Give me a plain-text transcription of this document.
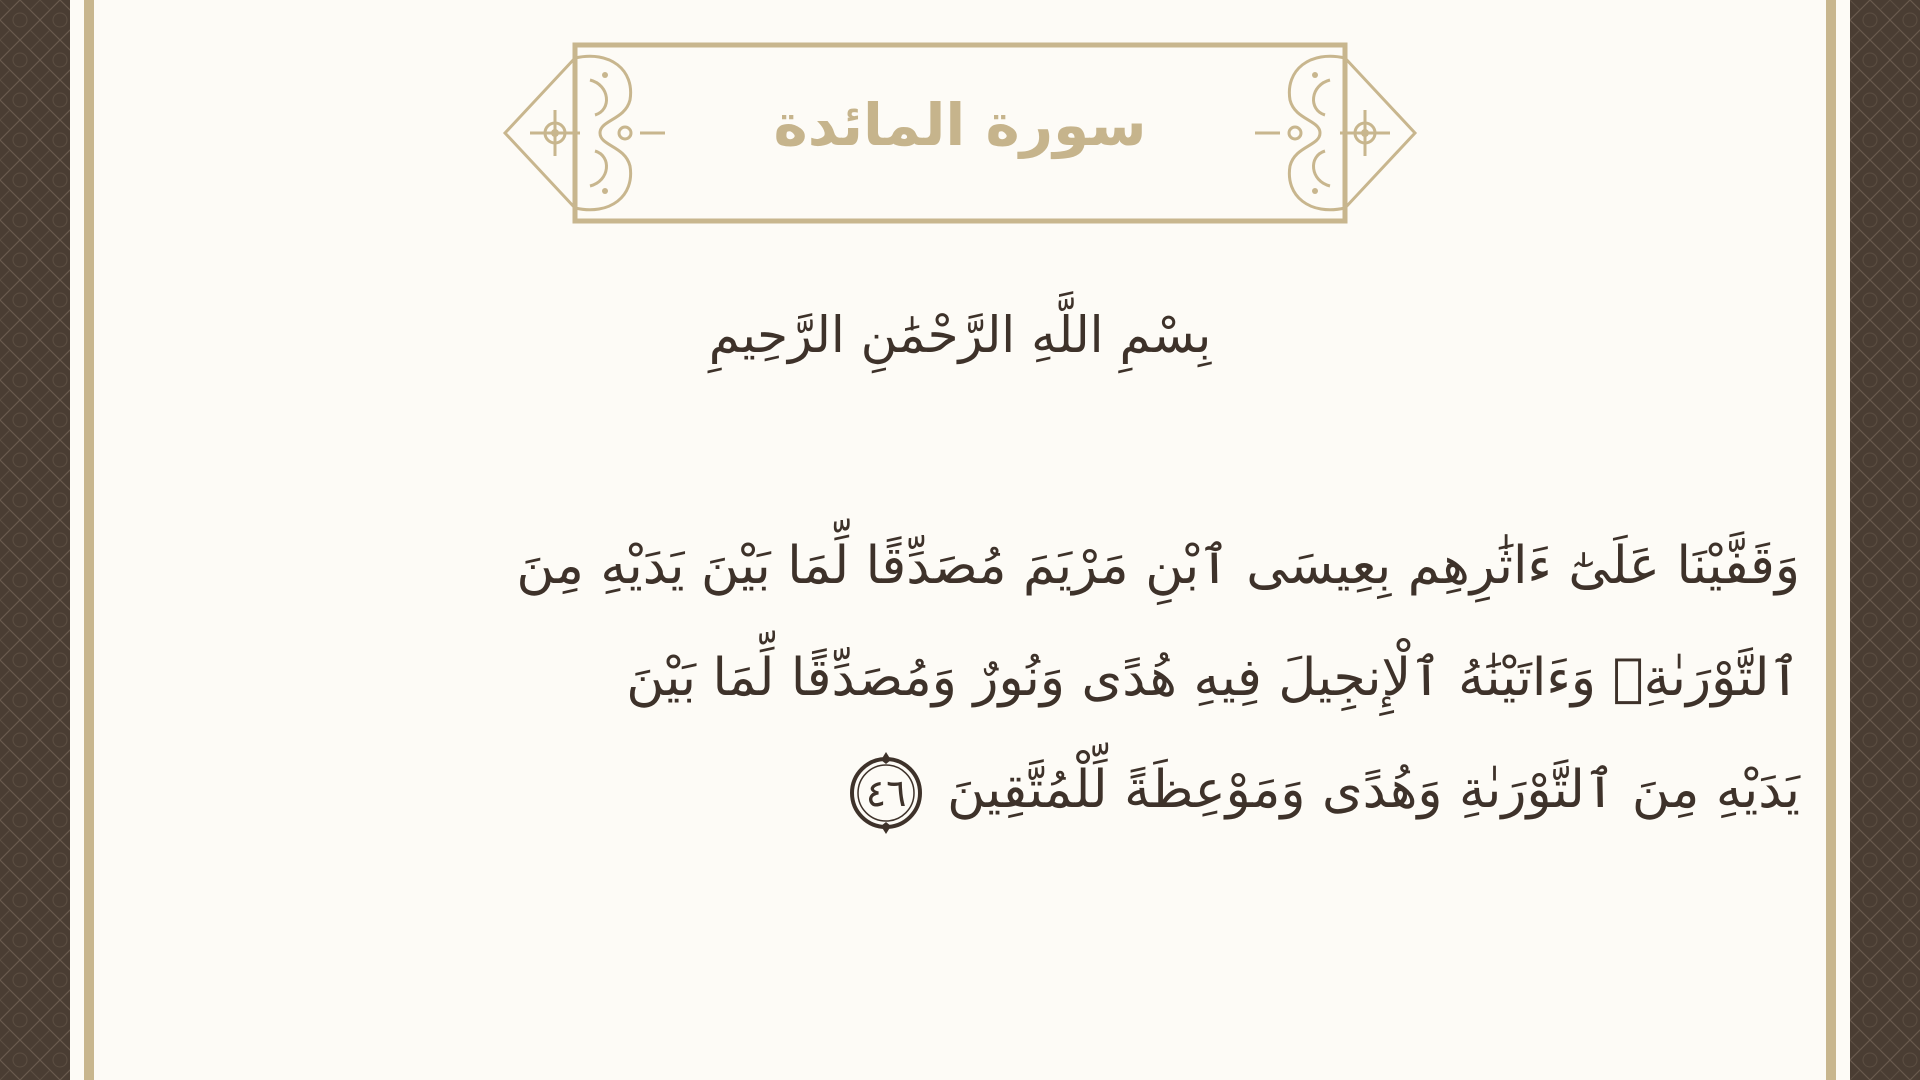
سورة المائدة
بِسْمِ اللَّهِ الرَّحْمَٰنِ الرَّحِيمِ
وَقَفَّيْنَا عَلَىٰٓ ءَاثَٰرِهِم بِعِيسَى ٱبْنِ مَرْيَمَ مُصَدِّقًا لِّمَا بَيْنَ يَدَيْهِ مِنَ
ٱلتَّوْرَىٰةِۖ وَءَاتَيْنَٰهُ ٱلْإِنجِيلَ فِيهِ هُدًى وَنُورٌ وَمُصَدِّقًا لِّمَا بَيْنَ
يَدَيْهِ مِنَ ٱلتَّوْرَىٰةِ وَهُدًى وَمَوْعِظَةً لِّلْمُتَّقِينَ
٤٦
